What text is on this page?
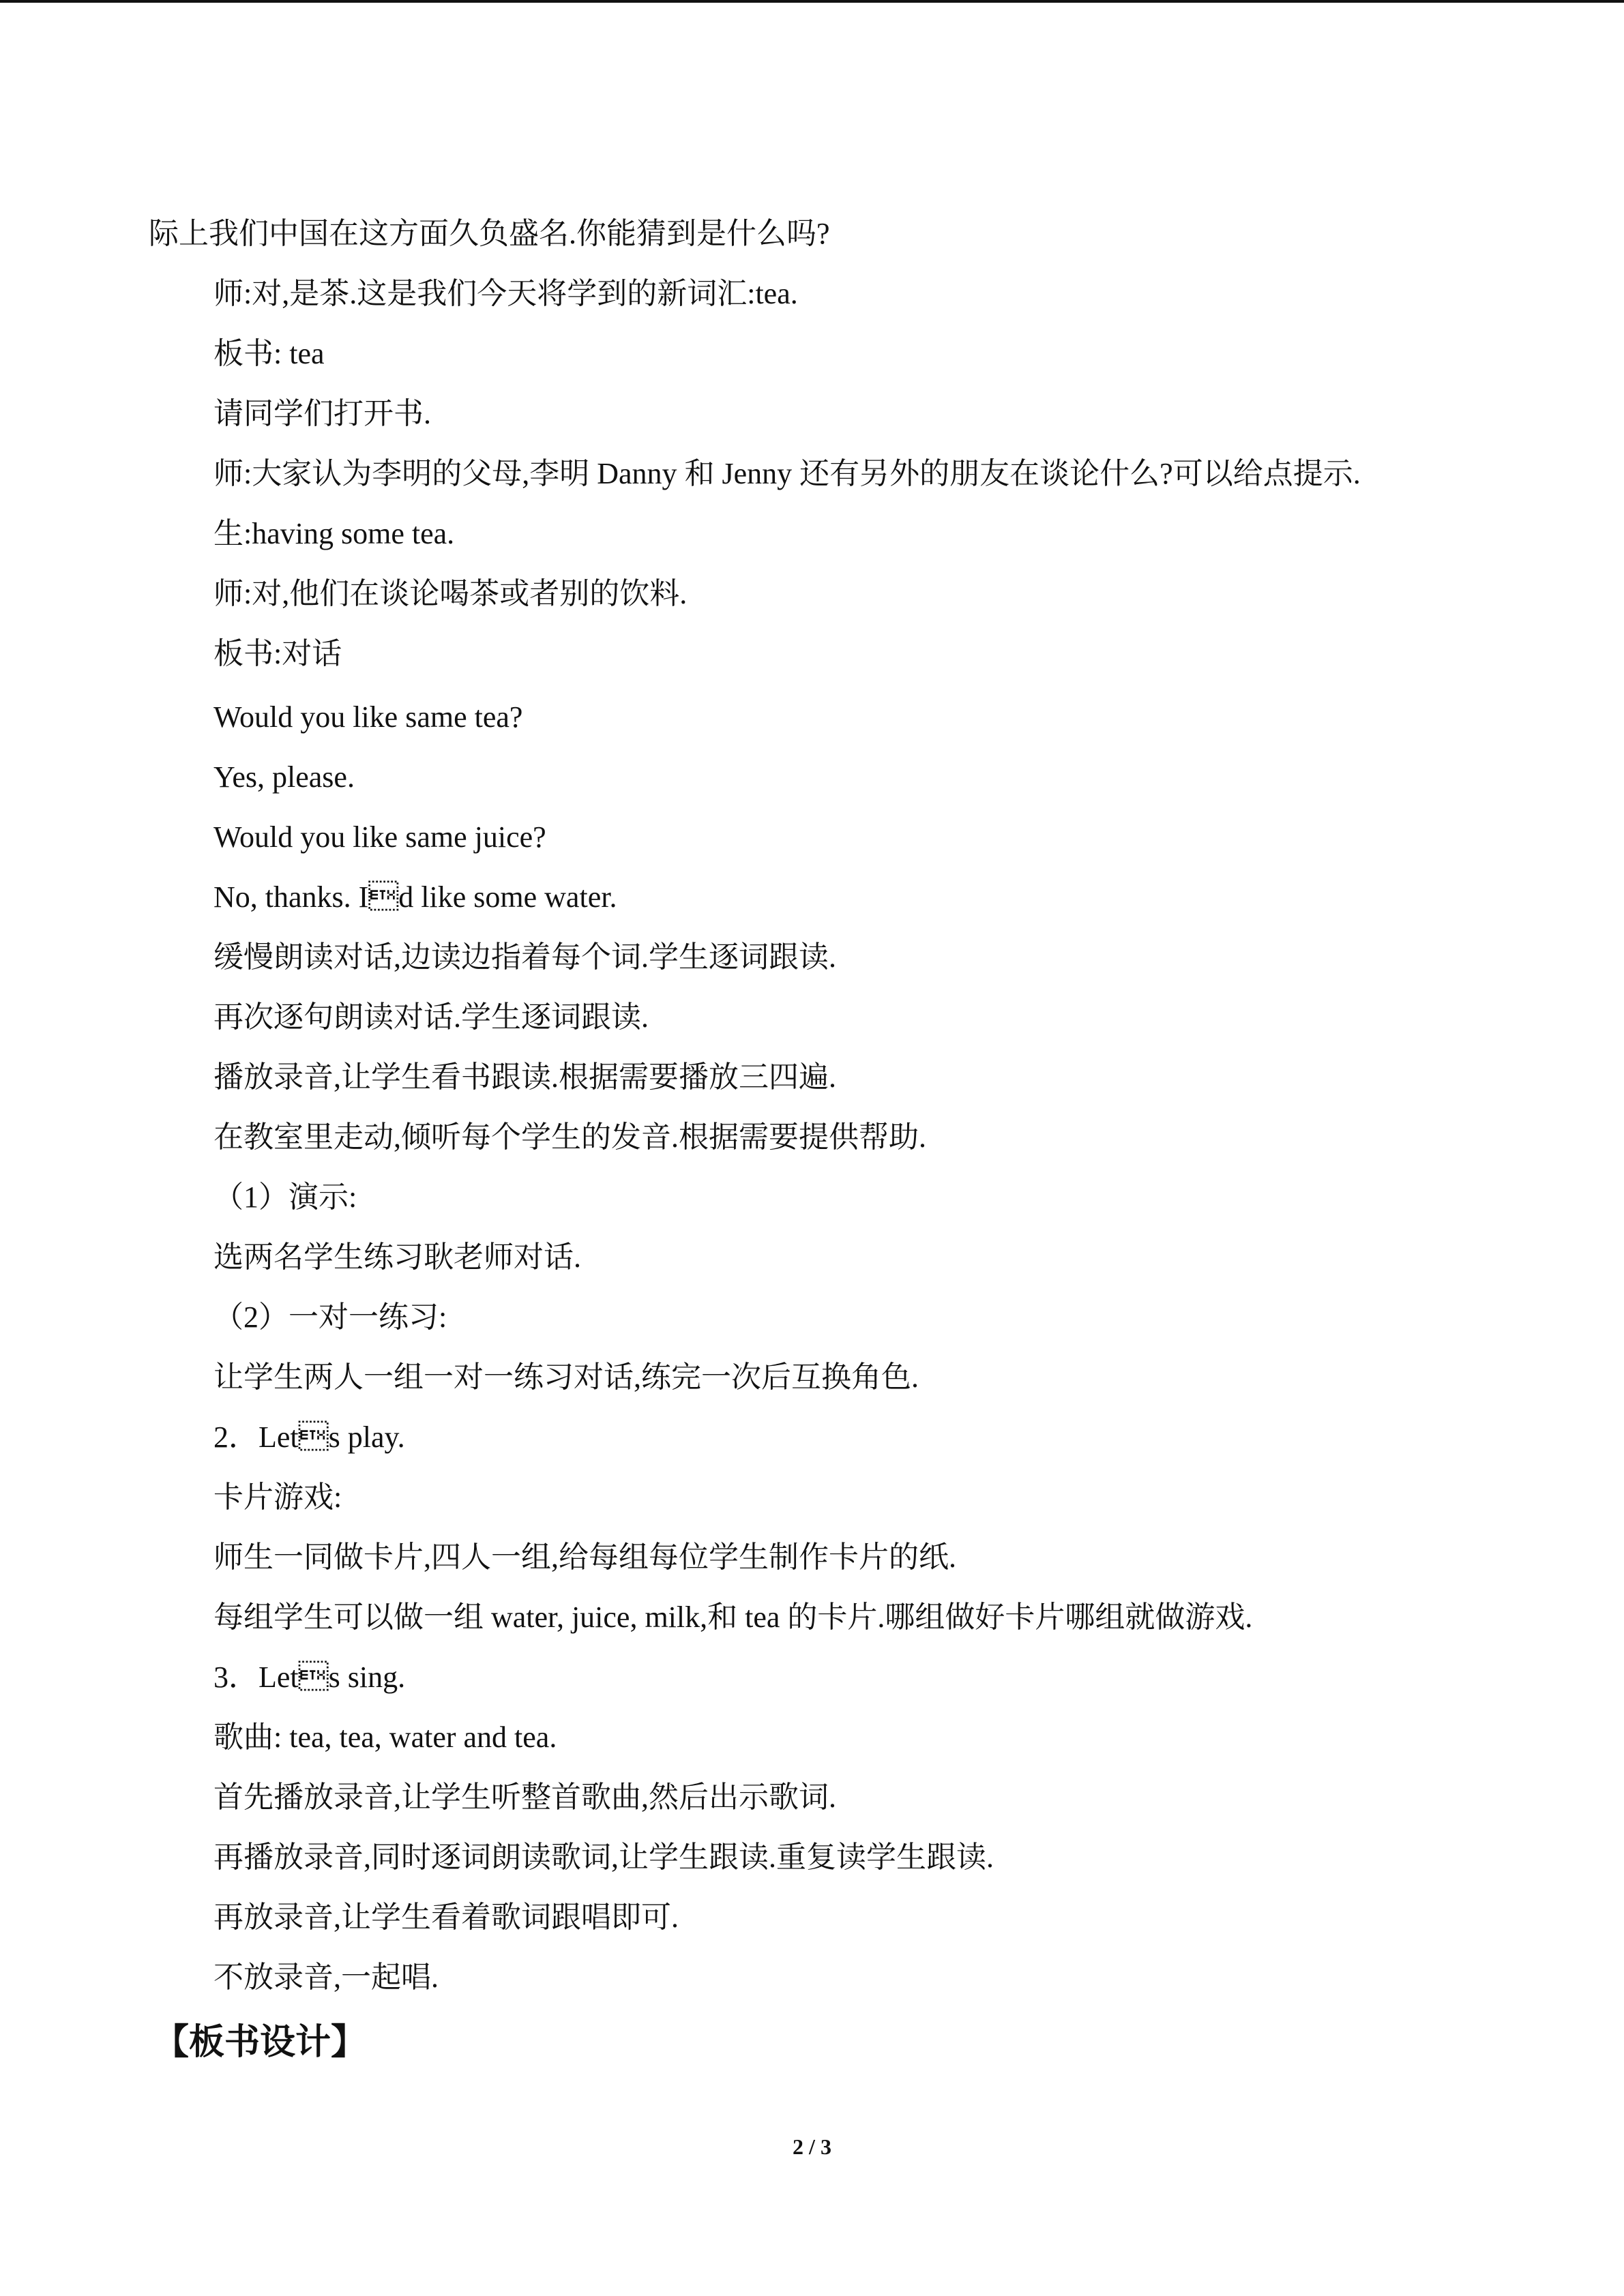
际上我们中国在这方面久负盛名.你能猜到是什么吗?
师:对,是茶.这是我们今天将学到的新词汇:tea.
板书: tea
请同学们打开书.
师:大家认为李明的父母,李明 Danny 和 Jenny 还有另外的朋友在谈论什么?可以给点提示.
生:having some tea.
师:对,他们在谈论喝茶或者别的饮料.
板书:对话
Would you like same tea?
Yes, please.
Would you like same juice?
No, thanks. Id like some water.
缓慢朗读对话,边读边指着每个词.学生逐词跟读.
再次逐句朗读对话.学生逐词跟读.
播放录音,让学生看书跟读.根据需要播放三四遍.
在教室里走动,倾听每个学生的发音.根据需要提供帮助.
（1）演示:
选两名学生练习耿老师对话.
（2）一对一练习:
让学生两人一组一对一练习对话,练完一次后互换角色.
2．Lets play.
卡片游戏:
师生一同做卡片,四人一组,给每组每位学生制作卡片的纸.
每组学生可以做一组 water, juice, milk,和 tea 的卡片.哪组做好卡片哪组就做游戏.
3．Lets sing.
歌曲: tea, tea, water and tea.
首先播放录音,让学生听整首歌曲,然后出示歌词.
再播放录音,同时逐词朗读歌词,让学生跟读.重复读学生跟读.
再放录音,让学生看着歌词跟唱即可.
不放录音,一起唱.
【板书设计】
2 / 3
